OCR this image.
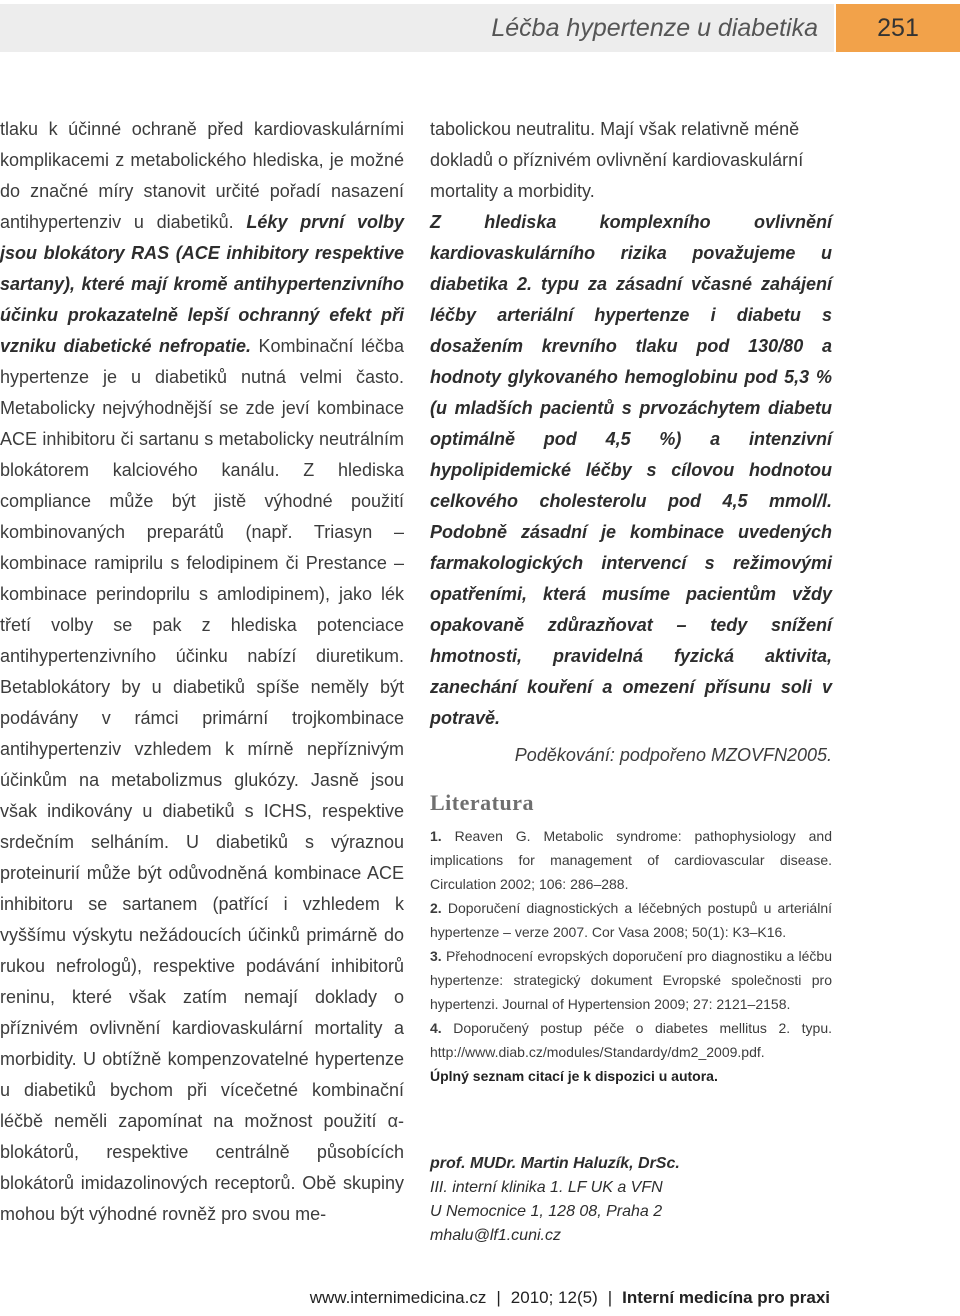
Léčba hypertenze u diabetika	251

tlaku k účinné ochraně před kardiovaskulárními komplikacemi z metabolického hlediska, je možné do značné míry stanovit určité pořadí nasazení antihypertenziv u diabetiků. Léky první volby jsou blokátory RAS (ACE inhibitory respektive sartany), které mají kromě antihypertenzivního účinku prokazatelně lepší ochranný efekt při vzniku diabetické nefropatie. Kombinační léčba hypertenze je u diabetiků nutná velmi často. Metabolicky nejvýhodnější se zde jeví kombinace ACE inhibitoru či sartanu s metabolicky neutrálním blokátorem kalciového kanálu. Z hlediska compliance může být jistě výhodné použití kombinovaných preparátů (např. Triasyn – kombinace ramiprilu s felodipinem či Prestance – kombinace perindoprilu s amlodipinem), jako lék třetí volby se pak z hlediska potenciace antihypertenzivního účinku nabízí diuretikum. Betablokátory by u diabetiků spíše neměly být podávány v rámci primární trojkombinace antihypertenziv vzhledem k mírně nepříznivým účinkům na metabolizmus glukózy. Jasně jsou však indikovány u diabetiků s ICHS, respektive srdečním selháním. U diabetiků s výraznou proteinurií může být odůvodněná kombinace ACE inhibitoru se sartanem (patřící i vzhledem k vyššímu výskytu nežádoucích účinků primárně do rukou nefrologů), respektive podávání inhibitorů reninu, které však zatím nemají doklady o příznivém ovlivnění kardiovaskulární mortality a morbidity. U obtížně kompenzovatelné hypertenze u diabetiků bychom při vícečetné kombinační léčbě neměli zapomínat na možnost použití α-blokátorů, respektive centrálně působících blokátorů imidazolinových receptorů. Obě skupiny mohou být výhodné rovněž pro svou me-

tabolickou neutralitu. Mají však relativně méně dokladů o příznivém ovlivnění kardiovaskulární mortality a morbidity.

Z hlediska komplexního ovlivnění kardiovaskulárního rizika považujeme u diabetika 2. typu za zásadní včasné zahájení léčby arteriální hypertenze i diabetu s dosažením krevního tlaku pod 130/80 a hodnoty glykovaného hemoglobinu pod 5,3 % (u mladších pacientů s prvozáchytem diabetu optimálně pod 4,5 %) a intenzivní hypolipidemické léčby s cílovou hodnotou celkového cholesterolu pod 4,5 mmol/l. Podobně zásadní je kombinace uvedených farmakologických intervencí s režimovými opatřeními, která musíme pacientům vždy opakovaně zdůrazňovat – tedy snížení hmotnosti, pravidelná fyzická aktivita, zanechání kouření a omezení přísunu soli v potravě.

Poděkování: podpořeno MZOVFN2005.

Literatura

1. Reaven G. Metabolic syndrome: pathophysiology and implications for management of cardiovascular disease. Circulation 2002; 106: 286–288.
2. Doporučení diagnostických a léčebných postupů u arteriální hypertenze – verze 2007. Cor Vasa 2008; 50(1): K3–K16.
3. Přehodnocení evropských doporučení pro diagnostiku a léčbu hypertenze: strategický dokument Evropské společnosti pro hypertenzi. Journal of Hypertension 2009; 27: 2121–2158.
4. Doporučený postup péče o diabetes mellitus 2. typu. http://www.diab.cz/modules/Standardy/dm2_2009.pdf.
Úplný seznam citací je k dispozici u autora.
prof. MUDr. Martin Haluzík, DrSc.
III. interní klinika 1. LF UK a VFN
U Nemocnice 1, 128 08, Praha 2
mhalu@lf1.cuni.cz
www.internimedicina.cz | 2010; 12(5) | Interní medicína pro praxi
